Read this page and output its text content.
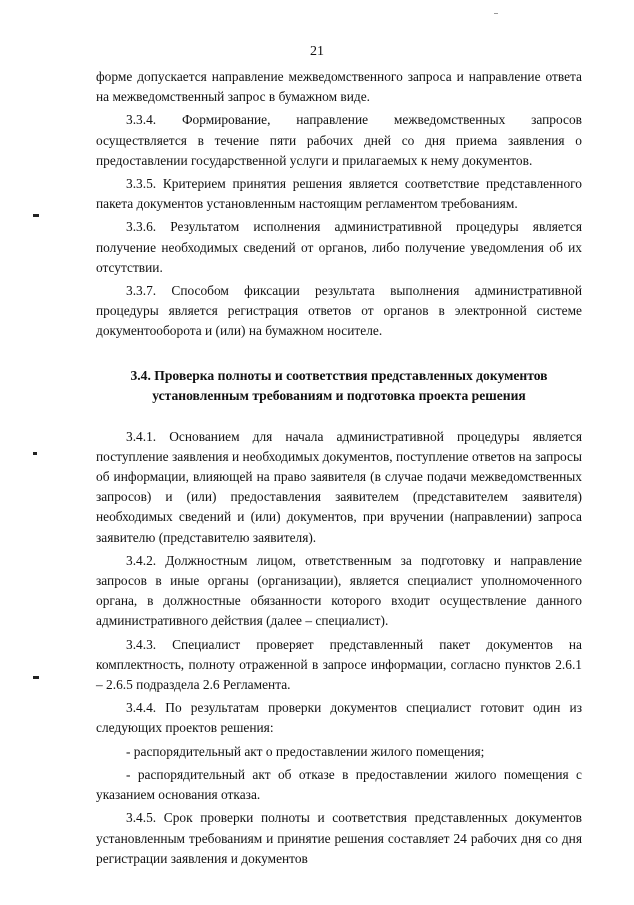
21

форме допускается направление межведомственного запроса и направление ответа на межведомственный запрос в бумажном виде.

3.3.4. Формирование, направление межведомственных запросов осуществляется в течение пяти рабочих дней со дня приема заявления о предоставлении государственной услуги и прилагаемых к нему документов.

3.3.5. Критерием принятия решения является соответствие представленного пакета документов установленным настоящим регламентом требованиям.

3.3.6. Результатом исполнения административной процедуры является получение необходимых сведений от органов, либо получение уведомления об их отсутствии.

3.3.7. Способом фиксации результата выполнения административной процедуры является регистрация ответов от органов в электронной системе документооборота и (или) на бумажном носителе.

3.4. Проверка полноты и соответствия представленных документов установленным требованиям и подготовка проекта решения

3.4.1. Основанием для начала административной процедуры является поступление заявления и необходимых документов, поступление ответов на запросы об информации, влияющей на право заявителя (в случае подачи межведомственных запросов) и (или) предоставления заявителем (представителем заявителя) необходимых сведений и (или) документов, при вручении (направлении) запроса заявителю (представителю заявителя).

3.4.2. Должностным лицом, ответственным за подготовку и направление запросов в иные органы (организации), является специалист уполномоченного органа, в должностные обязанности которого входит осуществление данного административного действия (далее – специалист).

3.4.3. Специалист проверяет представленный пакет документов на комплектность, полноту отраженной в запросе информации, согласно пунктов 2.6.1 – 2.6.5 подраздела 2.6 Регламента.

3.4.4. По результатам проверки документов специалист готовит один из следующих проектов решения:

- распорядительный акт о предоставлении жилого помещения;

- распорядительный акт об отказе в предоставлении жилого помещения с указанием основания отказа.

3.4.5. Срок проверки полноты и соответствия представленных документов установленным требованиям и принятие решения составляет 24 рабочих дня со дня регистрации заявления и документов
